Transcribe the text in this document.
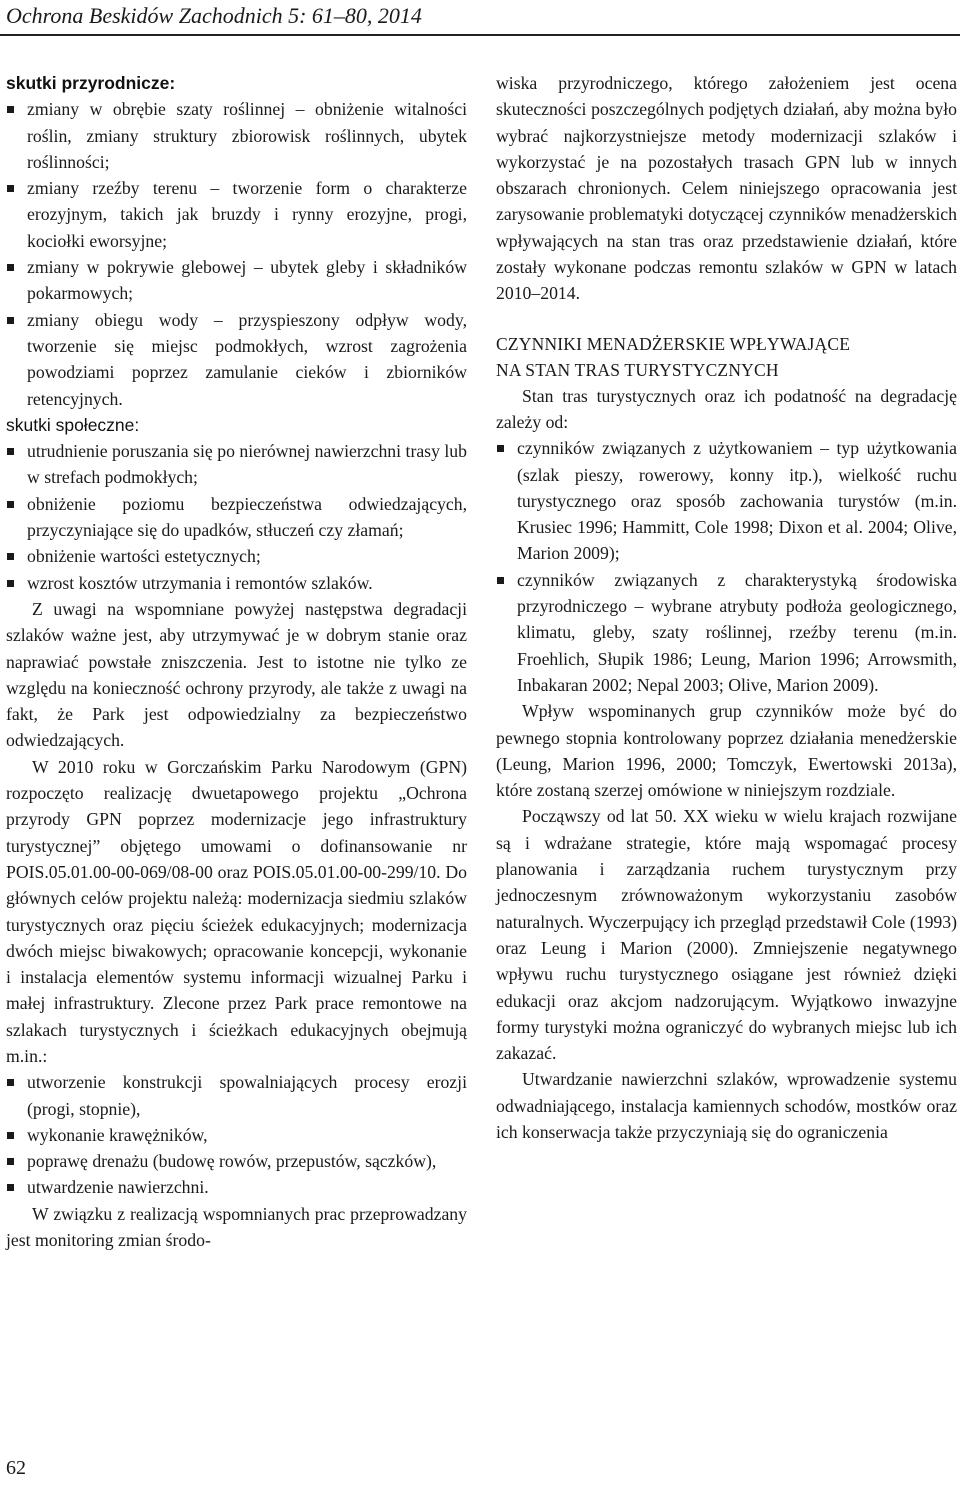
Ochrona Beskidów Zachodnich 5: 61–80, 2014
skutki przyrodnicze:
zmiany w obrębie szaty roślinnej – obniżenie witalności roślin, zmiany struktury zbiorowisk roślinnych, ubytek roślinności;
zmiany rzeźby terenu – tworzenie form o charakterze erozyjnym, takich jak bruzdy i rynny erozyjne, progi, kociołki eworsyjne;
zmiany w pokrywie glebowej – ubytek gleby i składników pokarmowych;
zmiany obiegu wody – przyspieszony odpływ wody, tworzenie się miejsc podmokłych, wzrost zagrożenia powodziami poprzez zamulanie cieków i zbiorników retencyjnych.
skutki społeczne:
utrudnienie poruszania się po nierównej nawierzchni trasy lub w strefach podmokłych;
obniżenie poziomu bezpieczeństwa odwiedzających, przyczyniające się do upadków, stłuczeń czy złamań;
obniżenie wartości estetycznych;
wzrost kosztów utrzymania i remontów szlaków.

Z uwagi na wspomniane powyżej następstwa degradacji szlaków ważne jest, aby utrzymywać je w dobrym stanie oraz naprawiać powstałe zniszczenia. Jest to istotne nie tylko ze względu na konieczność ochrony przyrody, ale także z uwagi na fakt, że Park jest odpowiedzialny za bezpieczeństwo odwiedzających.

W 2010 roku w Gorczańskim Parku Narodowym (GPN) rozpoczęto realizację dwuetapowego projektu „Ochrona przyrody GPN poprzez modernizacje jego infrastruktury turystycznej” objętego umowami o dofinansowanie nr POIS.05.01.00-00-069/08-00 oraz POIS.05.01.00-00-299/10. Do głównych celów projektu należą: modernizacja siedmiu szlaków turystycznych oraz pięciu ścieżek edukacyjnych; modernizacja dwóch miejsc biwakowych; opracowanie koncepcji, wykonanie i instalacja elementów systemu informacji wizualnej Parku i małej infrastruktury. Zlecone przez Park prace remontowe na szlakach turystycznych i ścieżkach edukacyjnych obejmują m.in.:

utworzenie konstrukcji spowalniających procesy erozji (progi, stopnie),
wykonanie krawężników,
poprawę drenażu (budowę rowów, przepustów, sączków),
utwardzenie nawierzchni.

W związku z realizacją wspomnianych prac przeprowadzany jest monitoring zmian środo-

wiska przyrodniczego, którego założeniem jest ocena skuteczności poszczególnych podjętych działań, aby można było wybrać najkorzystniejsze metody modernizacji szlaków i wykorzystać je na pozostałych trasach GPN lub w innych obszarach chronionych. Celem niniejszego opracowania jest zarysowanie problematyki dotyczącej czynników menadżerskich wpływających na stan tras oraz przedstawienie działań, które zostały wykonane podczas remontu szlaków w GPN w latach 2010–2014.

CZYNNIKI MENADŻERSKIE WPŁYWAJĄCE
NA STAN TRAS TURYSTYCZNYCH

Stan tras turystycznych oraz ich podatność na degradację zależy od:

czynników związanych z użytkowaniem – typ użytkowania (szlak pieszy, rowerowy, konny itp.), wielkość ruchu turystycznego oraz sposób zachowania turystów (m.in. Krusiec 1996; Hammitt, Cole 1998; Dixon et al. 2004; Olive, Marion 2009);
czynników związanych z charakterystyką środowiska przyrodniczego – wybrane atrybuty podłoża geologicznego, klimatu, gleby, szaty roślinnej, rzeźby terenu (m.in. Froehlich, Słupik 1986; Leung, Marion 1996; Arrowsmith, Inbakaran 2002; Nepal 2003; Olive, Marion 2009).

Wpływ wspominanych grup czynników może być do pewnego stopnia kontrolowany poprzez działania menedżerskie (Leung, Marion 1996, 2000; Tomczyk, Ewertowski 2013a), które zostaną szerzej omówione w niniejszym rozdziale.

Począwszy od lat 50. XX wieku w wielu krajach rozwijane są i wdrażane strategie, które mają wspomagać procesy planowania i zarządzania ruchem turystycznym przy jednoczesnym zrównoważonym wykorzystaniu zasobów naturalnych. Wyczerpujący ich przegląd przedstawił Cole (1993) oraz Leung i Marion (2000). Zmniejszenie negatywnego wpływu ruchu turystycznego osiągane jest również dzięki edukacji oraz akcjom nadzorującym. Wyjątkowo inwazyjne formy turystyki można ograniczyć do wybranych miejsc lub ich zakazać.

Utwardzanie nawierzchni szlaków, wprowadzenie systemu odwadniającego, instalacja kamiennych schodów, mostków oraz ich konserwacja także przyczyniają się do ograniczenia

62
